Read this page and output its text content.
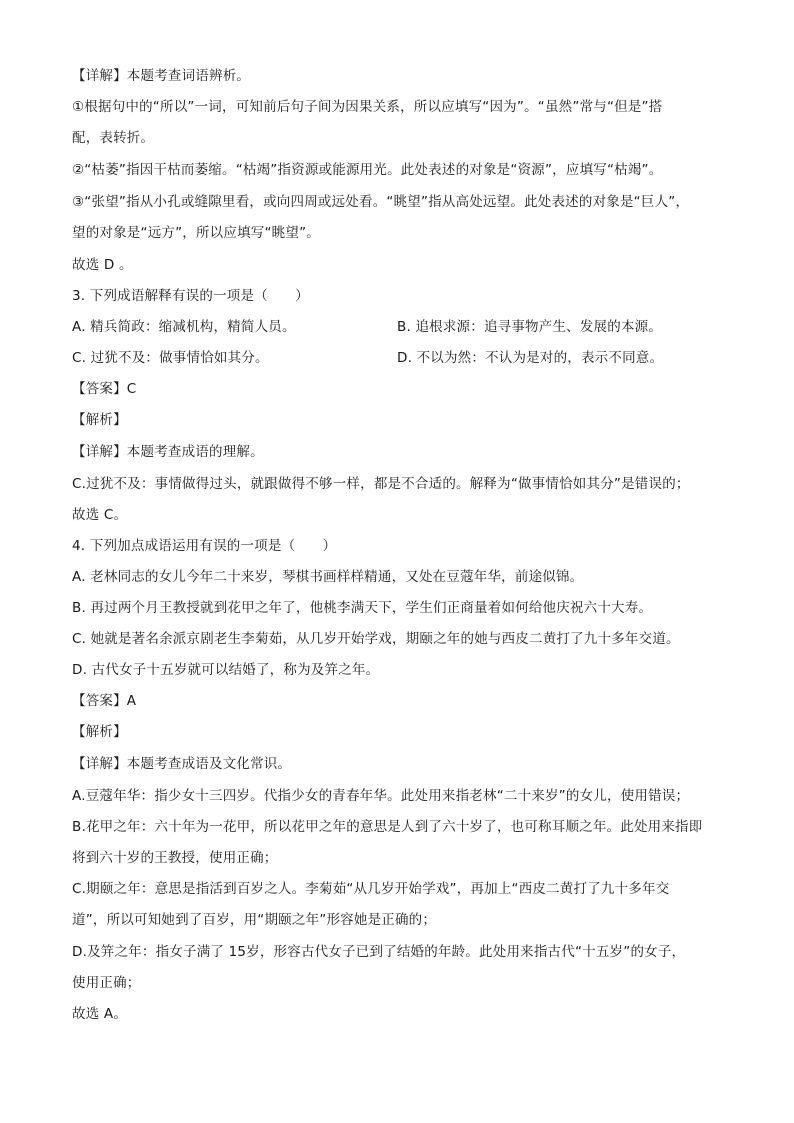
【详解】本题考查词语辨析。
①根据句中的“所以”一词，可知前后句子间为因果关系，所以应填写“因为”。“虽然”常与“但是”搭
配，表转折。
②“枯萎”指因干枯而萎缩。“枯竭”指资源或能源用光。此处表述的对象是“资源”，应填写“枯竭”。
③“张望”指从小孔或缝隙里看，或向四周或远处看。“眺望”指从高处远望。此处表述的对象是“巨人”，
望的对象是“远方”，所以应填写“眺望”。
故选 D 。
3. 下列成语解释有误的一项是（　　）
A. 精兵简政：缩减机构，精简人员。	B. 追根求源：追寻事物产生、发展的本源。
C. 过犹不及：做事情恰如其分。	D. 不以为然：不认为是对的，表示不同意。
【答案】C
【解析】
【详解】本题考查成语的理解。
C.过犹不及：事情做得过头，就跟做得不够一样，都是不合适的。解释为“做事情恰如其分”是错误的；
故选 C。
4. 下列加点成语运用有误的一项是（　　）
A. 老林同志的女儿今年二十来岁，琴棋书画样样精通，又处在豆蔻年华，前途似锦。
B. 再过两个月王教授就到花甲之年了，他桃李满天下，学生们正商量着如何给他庆祝六十大寿。
C. 她就是著名余派京剧老生李菊茹，从几岁开始学戏，期颐之年的她与西皮二黄打了九十多年交道。
D. 古代女子十五岁就可以结婚了，称为及笄之年。
【答案】A
【解析】
【详解】本题考查成语及文化常识。
A.豆蔻年华：指少女十三四岁。代指少女的青春年华。此处用来指老林“二十来岁”的女儿，使用错误；
B.花甲之年：六十年为一花甲，所以花甲之年的意思是人到了六十岁了，也可称耳顺之年。此处用来指即
将到六十岁的王教授，使用正确；
C.期颐之年：意思是指活到百岁之人。李菊茹“从几岁开始学戏”，再加上“西皮二黄打了九十多年交
道”，所以可知她到了百岁，用“期颐之年”形容她是正确的；
D.及笄之年：指女子满了 15岁，形容古代女子已到了结婚的年龄。此处用来指古代“十五岁”的女子，
使用正确；
故选 A。
